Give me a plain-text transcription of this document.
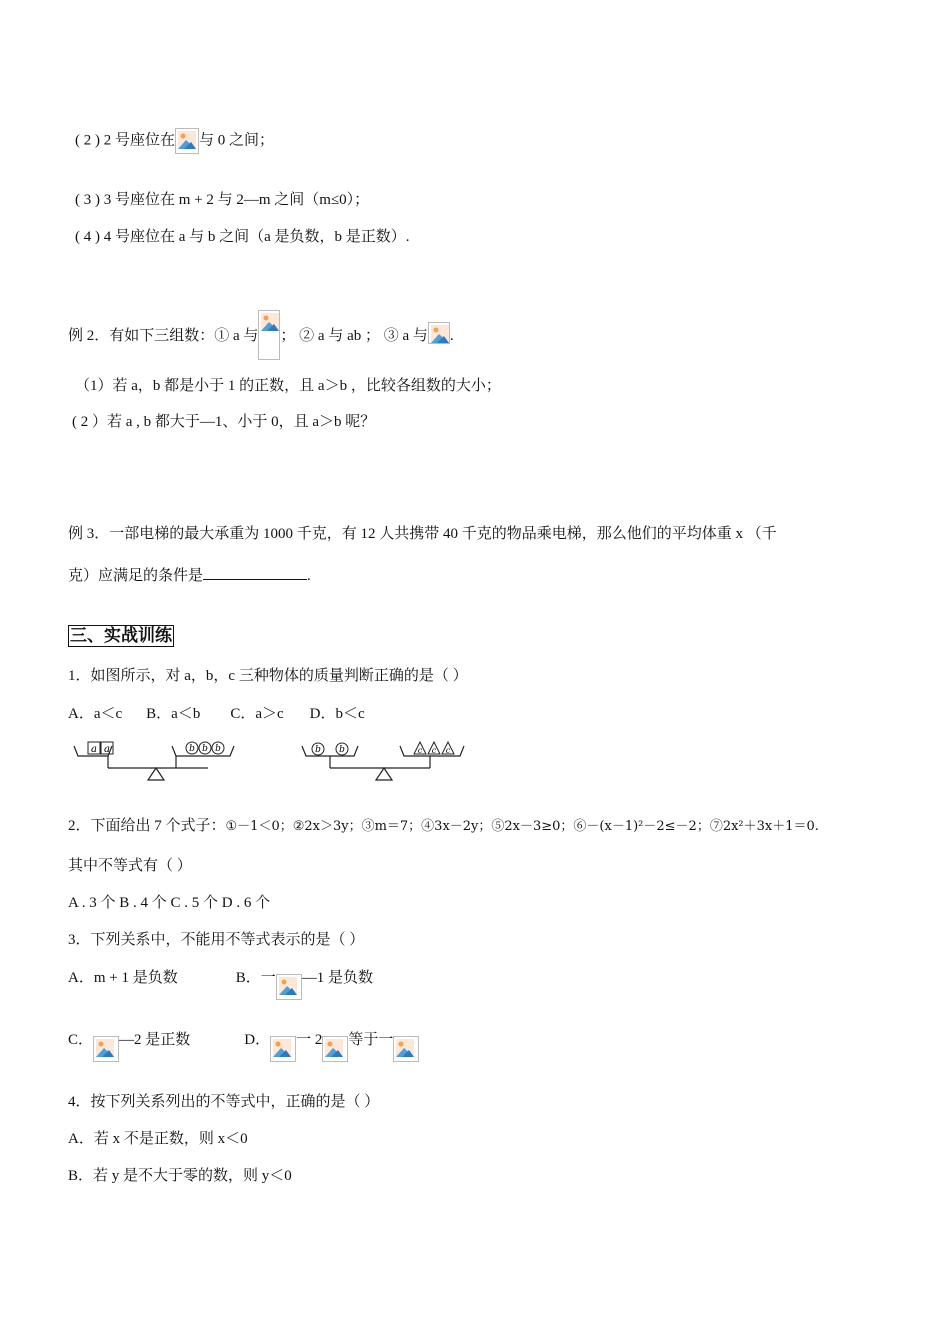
( 2 ) 2 号座位在 与 0 之间；
( 3 ) 3 号座位在 m + 2 与 2—m 之间（m≤0）；
( 4 ) 4 号座位在 a 与 b 之间（a 是负数，b 是正数）.
例 2．有如下三组数：① a 与 ； ② a 与 ab ； ③ a 与 .
（1）若 a，b 都是小于 1 的正数，且 a＞b ，比较各组数的大小；
( 2 ）若 a , b 都大于—1、小于 0，且 a＞b 呢？
例 3．一部电梯的最大承重为 1000 千克，有 12 人共携带 40 千克的物品乘电梯，那么他们的平均体重 x （千
克）应满足的条件是	.
三、实战训练
1．如图所示，对 a，b，c 三种物体的质量判断正确的是（ ）
A．a＜c B．a＜b C．a＞c D．b＜c
a a	b b b	b b	c c c
2．下面给出 7 个式子：①－1＜0；②2x＞3y；③m＝7；④3x－2y；⑤2x－3≥0；⑥－(x－1)²－2≤－2；⑦2x²＋3x＋1＝0.
其中不等式有（ ）
A . 3 个 B . 4 个 C . 5 个 D . 6 个
3．下列关系中，不能用不等式表示的是（ ）
A．m + 1 是负数	B．一 —1 是负数
C． —2 是正数	D． 一 2 等于一
4．按下列关系列出的不等式中，正确的是（ ）
A．若 x 不是正数，则 x＜0
B．若 y 是不大于零的数，则 y＜0
